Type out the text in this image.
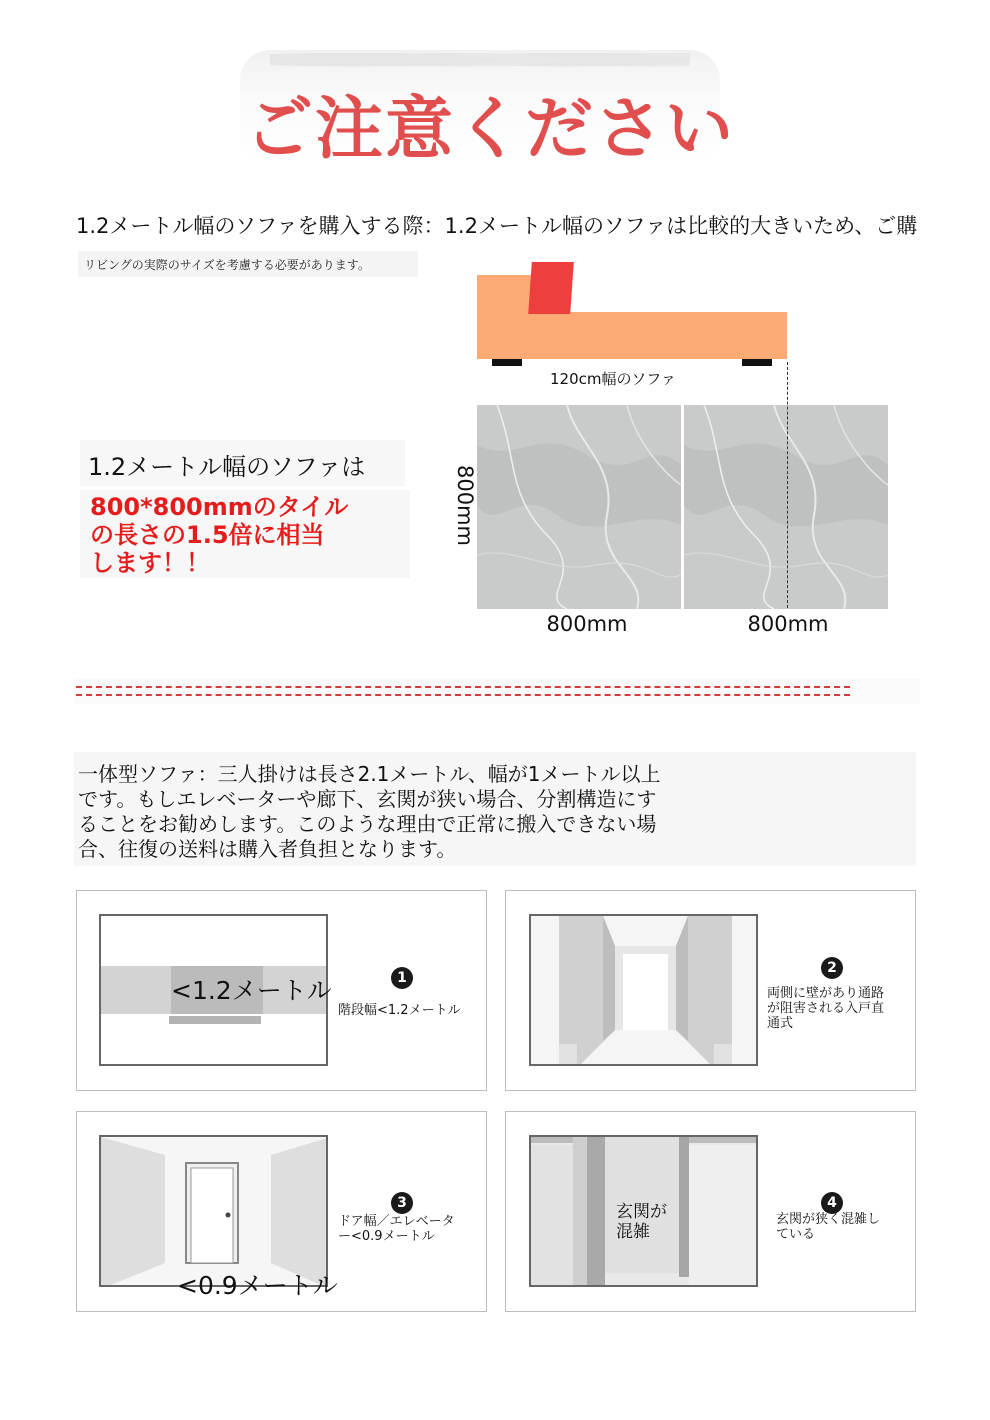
ご注意ください
1.2メートル幅のソファを購入する際：1.2メートル幅のソファは比較的大きいため、ご購
リビングの実際のサイズを考慮する必要があります。
120cm幅のソファ
800mm
800mm	800mm
1.2メートル幅のソファは
800*800mmのタイル
の長さの1.5倍に相当
します！！
一体型ソファ：三人掛けは長さ2.1メートル、幅が1メートル以上
です。もしエレベーターや廊下、玄関が狭い場合、分割構造にす
ることをお勧めします。このような理由で正常に搬入できない場
合、往復の送料は購入者負担となります。
<1.2メートル	1
階段幅<1.2メートル
2
両側に壁があり通路
が阻害される入戸直
通式
<0.9メートル
3
ドア幅／エレベータ
ー<0.9メートル
玄関が
混雑
4
玄関が狭く混雑し
ている
